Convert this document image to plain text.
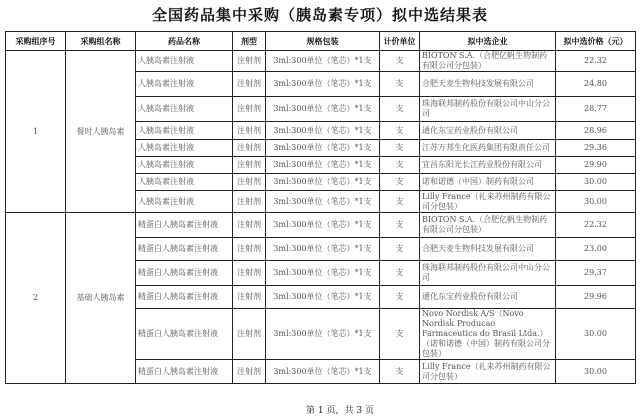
全国药品集中采购（胰岛素专项）拟中选结果表
采购组序号	采购组名称	药品名称	剂型	规格包装	计价单位	拟中选企业	拟中选价格（元）
1	餐时人胰岛素	人胰岛素注射液	注射剂	3ml:300单位（笔芯）*1支	支	BIOTON S.A.（合肥亿帆生物制药有限公司分包装）	22.32
		人胰岛素注射液	注射剂	3ml:300单位（笔芯）*1支	支	合肥天麦生物科技发展有限公司	24.80
		人胰岛素注射液	注射剂	3ml:300单位（笔芯）*1支	支	珠海联邦制药股份有限公司中山分公司	28.77
		人胰岛素注射液	注射剂	3ml:300单位（笔芯）*1支	支	通化东宝药业股份有限公司	28.96
		人胰岛素注射液	注射剂	3ml:300单位（笔芯）*1支	支	江苏万邦生化医药集团有限责任公司	29.36
		人胰岛素注射液	注射剂	3ml:300单位（笔芯）*1支	支	宜昌东阳光长江药业股份有限公司	29.90
		人胰岛素注射液	注射剂	3ml:300单位（笔芯）*1支	支	诺和诺德（中国）制药有限公司	30.00
		人胰岛素注射液	注射剂	3ml:300单位（笔芯）*1支	支	Lilly France（礼来苏州制药有限公司分包装）	30.00
2	基础人胰岛素	精蛋白人胰岛素注射液	注射剂	3ml:300单位（笔芯）*1支	支	BIOTON S.A.（合肥亿帆生物制药有限公司分包装）	22.32
		精蛋白人胰岛素注射液	注射剂	3ml:300单位（笔芯）*1支	支	合肥天麦生物科技发展有限公司	23.00
		精蛋白人胰岛素注射液	注射剂	3ml:300单位（笔芯）*1支	支	珠海联邦制药股份有限公司中山分公司	29.37
		精蛋白人胰岛素注射液	注射剂	3ml:300单位（笔芯）*1支	支	通化东宝药业股份有限公司	29.96
		精蛋白人胰岛素注射液	注射剂	3ml:300单位（笔芯）*1支	支	Novo Nordisk A/S（Novo Nordisk Producao Farmaceutica do Brasil Ltda.）（诺和诺德（中国）制药有限公司分包装）	30.00
		精蛋白人胰岛素注射液	注射剂	3ml:300单位（笔芯）*1支	支	Lilly France（礼来苏州制药有限公司分包装）	30.00
第 1 页，共 3 页
